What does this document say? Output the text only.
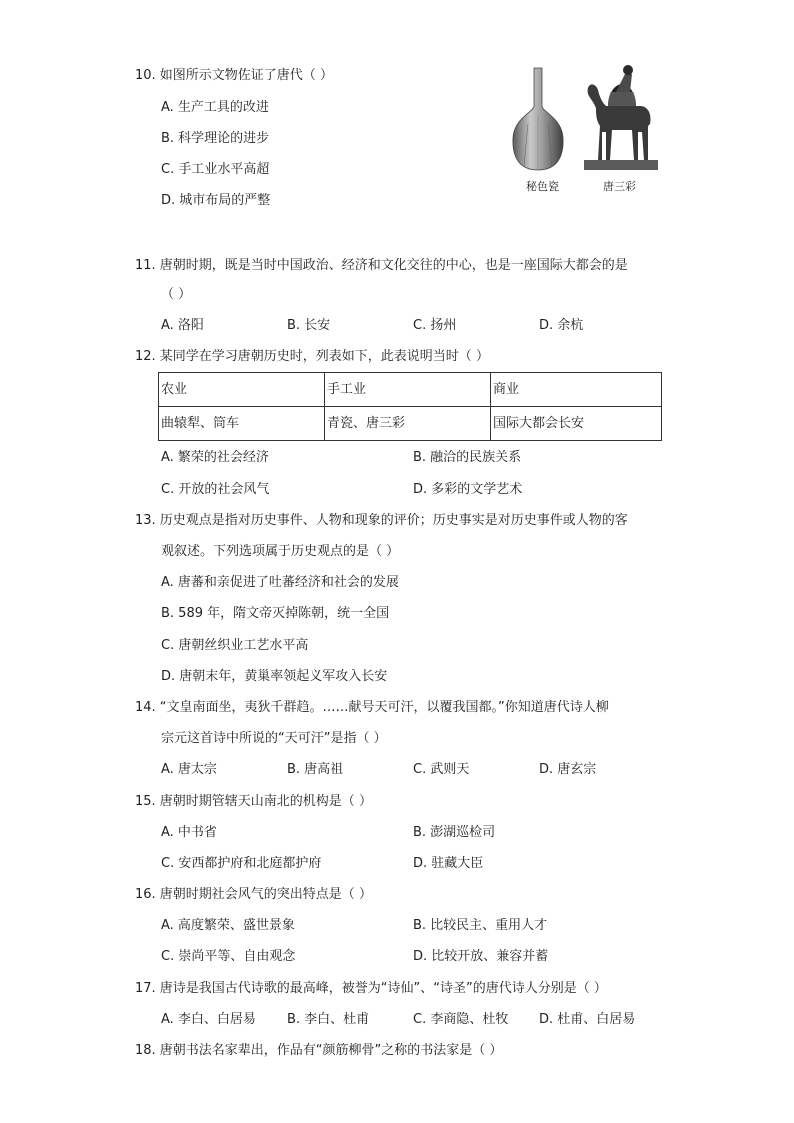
10. 如图所示文物佐证了唐代（ ）
A. 生产工具的改进
B. 科学理论的进步
C. 手工业水平高超
D. 城市布局的严整
秘色瓷	唐三彩
11. 唐朝时期，既是当时中国政治、经济和文化交往的中心，也是一座国际大都会的是
（ ）
A. 洛阳	B. 长安	C. 扬州	D. 余杭
12. 某同学在学习唐朝历史时，列表如下，此表说明当时（ ）
农业	手工业	商业
曲辕犁、筒车	青瓷、唐三彩	国际大都会长安
A. 繁荣的社会经济	B. 融洽的民族关系
C. 开放的社会风气	D. 多彩的文学艺术
13. 历史观点是指对历史事件、人物和现象的评价；历史事实是对历史事件或人物的客
观叙述。下列选项属于历史观点的是（ ）
A. 唐蕃和亲促进了吐蕃经济和社会的发展
B. 589 年，隋文帝灭掉陈朝，统一全国
C. 唐朝丝织业工艺水平高
D. 唐朝末年，黄巢率领起义军攻入长安
14. “文皇南面坐，夷狄千群趋。……献号天可汗，以覆我国都。”你知道唐代诗人柳
宗元这首诗中所说的“天可汗”是指（ ）
A. 唐太宗	B. 唐高祖	C. 武则天	D. 唐玄宗
15. 唐朝时期管辖天山南北的机构是（ ）
A. 中书省	B. 澎湖巡检司
C. 安西都护府和北庭都护府	D. 驻藏大臣
16. 唐朝时期社会风气的突出特点是（ ）
A. 高度繁荣、盛世景象	B. 比较民主、重用人才
C. 崇尚平等、自由观念	D. 比较开放、兼容并蓄
17. 唐诗是我国古代诗歌的最高峰，被誉为“诗仙”、“诗圣”的唐代诗人分别是（ ）
A. 李白、白居易 B. 李白、杜甫	C. 李商隐、杜牧 D. 杜甫、白居易
18. 唐朝书法名家辈出，作品有“颜筋柳骨”之称的书法家是（ ）
